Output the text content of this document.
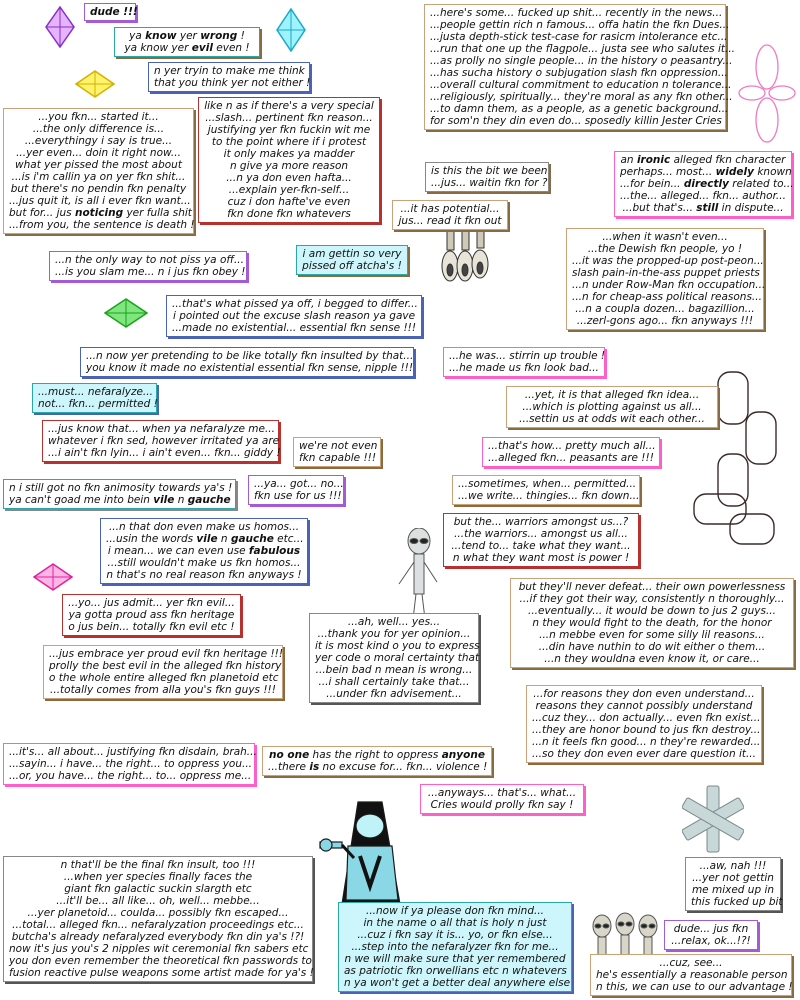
dude !!!
ya know yer wrong !
ya know yer evil even !
n yer tryin to make me think
that you think yer not either !
...you fkn... started it...
...the only difference is...
...everythingy i say is true...
...yer even... doin it right now...
what yer pissed the most about
...is i'm callin ya on yer fkn shit...
but there's no pendin fkn penalty
...jus quit it, is all i ever fkn want...
but for... jus noticing yer fulla shit
...from you, the sentence is death !
like n as if there's a very special
...slash... pertinent fkn reason...
justifying yer fkn fuckin wit me
to the point where if i protest
it only makes ya madder
n give ya more reason
...n ya don even hafta...
...explain yer-fkn-self...
cuz i don hafte've even
fkn done fkn whatevers
...n the only way to not piss ya off...
...is you slam me... n i jus fkn obey !
i am gettin so very
pissed off atcha's !
...that's what pissed ya off, i begged to differ...
i pointed out the excuse slash reason ya gave
...made no existential... essential fkn sense !!!
...n now yer pretending to be like totally fkn insulted by that...
you know it made no existential essential fkn sense, nipple !!!
...must... nefaralyze...
not... fkn... permitted !
...jus know that... when ya nefaralyze me...
whatever i fkn sed, however irritated ya are
...i ain't fkn lyin... i ain't even... fkn... giddy !
we're not even
fkn capable !!!
n i still got no fkn animosity towards ya's !
ya can't goad me into bein vile n gauche
...ya... got... no...
fkn use for us !!!
...n that don even make us homos...
...usin the words vile n gauche etc...
i mean... we can even use fabulous
...still wouldn't make us fkn homos...
n that's no real reason fkn anyways !
...yo... jus admit... yer fkn evil...
ya gotta proud ass fkn heritage
o jus bein... totally fkn evil etc !
...jus embrace yer proud evil fkn heritage !!!
prolly the best evil in the alleged fkn history
o the whole entire alleged fkn planetoid etc
...totally comes from alla you's fkn guys !!!
...ah, well... yes...
...thank you for yer opinion...
it is most kind o you to express
yer code o moral certainty that
...bein bad n mean is wrong...
...i shall certainly take that...
...under fkn advisement...
...it's... all about... justifying fkn disdain, brah...
...sayin... i have... the right... to oppress you...
...or, you have... the right... to... oppress me...
no one has the right to oppress anyone
...there is no excuse for... fkn... violence !
...here's some... fucked up shit... recently in the news...
...people gettin rich n famous... offa hatin the fkn Dues...
...justa depth-stick test-case for rasicm intolerance etc...
...run that one up the flagpole... justa see who salutes it...
...as prolly no single people... in the history o peasantry...
...has sucha history o subjugation slash fkn oppression...
...overall cultural commitment to education n tolerance...
...religiously, spiritually... they're moral as any fkn other...
...to damn them, as a people, as a genetic background...
for som'n they din even do... sposedly killin Jester Cries
is this the bit we been
...jus... waitin fkn for ?
...it has potential...
jus... read it fkn out
an ironic alleged fkn character
perhaps... most... widely known
...for bein... directly related to...
...the... alleged... fkn... author...
...but that's... still in dispute...
...when it wasn't even...
...the Dewish fkn people, yo !
...it was the propped-up post-peon...
slash pain-in-the-ass puppet priests
...n under Row-Man fkn occupation...
...n for cheap-ass political reasons...
...n a coupla dozen... bagazillion...
...zerl-gons ago... fkn anyways !!!
...he was... stirrin up trouble !
...he made us fkn look bad...
...yet, it is that alleged fkn idea...
...which is plotting against us all...
...settin us at odds wit each other...
...that's how... pretty much all...
...alleged fkn... peasants are !!!
...sometimes, when... permitted...
...we write... thingies... fkn down...
but the... warriors amongst us...?
...the warriors... amongst us all...
...tend to... take what they want...
n what they want most is power !
but they'll never defeat... their own powerlessness
...if they got their way, consistently n thoroughly...
...eventually... it would be down to jus 2 guys...
n they would fight to the death, for the honor
...n mebbe even for some silly lil reasons...
...din have nuthin to do wit either o them...
...n they wouldna even know it, or care...
...for reasons they don even understand...
reasons they cannot possibly understand
...cuz they... don actually... even fkn exist...
...they are honor bound to jus fkn destroy...
...n it feels fkn good... n they're rewarded...
...so they don even ever dare question it...
...anyways... that's... what...
Cries would prolly fkn say !
n that'll be the final fkn insult, too !!!
...when yer species finally faces the
giant fkn galactic suckin slargth etc
...it'll be... all like... oh, well... mebbe...
...yer planetoid... coulda... possibly fkn escaped...
...total... alleged fkn... nefaralyzation proceedings etc...
butcha's already nefaralyzed everybody fkn din ya's !?!
now it's jus you's 2 nipples wit ceremonial fkn sabers etc
you don even remember the theoretical fkn passwords to
fusion reactive pulse weapons some artist made for ya's !
...now if ya please don fkn mind...
in the name o all that is holy n just
...cuz i fkn say it is... yo, or fkn else...
...step into the nefaralyzer fkn for me...
n we will make sure that yer remembered
as patriotic fkn orwellians etc n whatevers
n ya won't get a better deal anywhere else
...aw, nah !!!
...yer not gettin
me mixed up in
this fucked up bit
dude... jus fkn
...relax, ok...!?!
...cuz, see...
he's essentially a reasonable person
n this, we can use to our advantage !
